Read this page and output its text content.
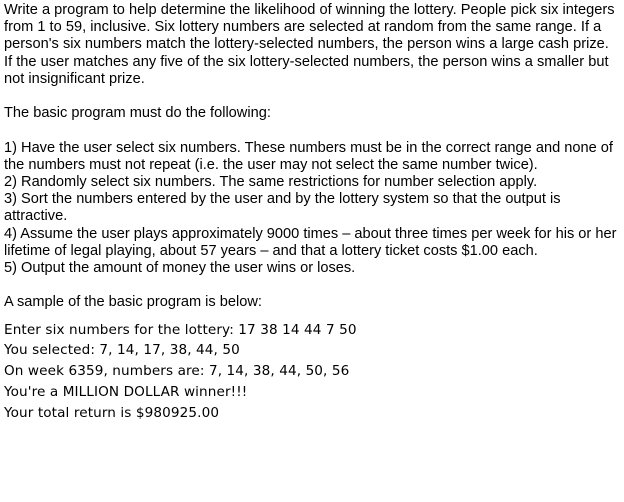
Write a program to help determine the likelihood of winning the lottery. People pick six integers from 1 to 59, inclusive. Six lottery numbers are selected at random from the same range. If a person's six numbers match the lottery-selected numbers, the person wins a large cash prize. If the user matches any five of the six lottery-selected numbers, the person wins a smaller but not insignificant prize.

The basic program must do the following:

1) Have the user select six numbers. These numbers must be in the correct range and none of the numbers must not repeat (i.e. the user may not select the same number twice).

2) Randomly select six numbers. The same restrictions for number selection apply.

3) Sort the numbers entered by the user and by the lottery system so that the output is attractive.

4) Assume the user plays approximately 9000 times – about three times per week for his or her lifetime of legal playing, about 57 years – and that a lottery ticket costs $1.00 each.

5) Output the amount of money the user wins or loses.

A sample of the basic program is below:

Enter six numbers for the lottery: 17 38 14 44 7 50
You selected: 7, 14, 17, 38, 44, 50
On week 6359, numbers are: 7, 14, 38, 44, 50, 56
You're a MILLION DOLLAR winner!!!
Your total return is $980925.00
